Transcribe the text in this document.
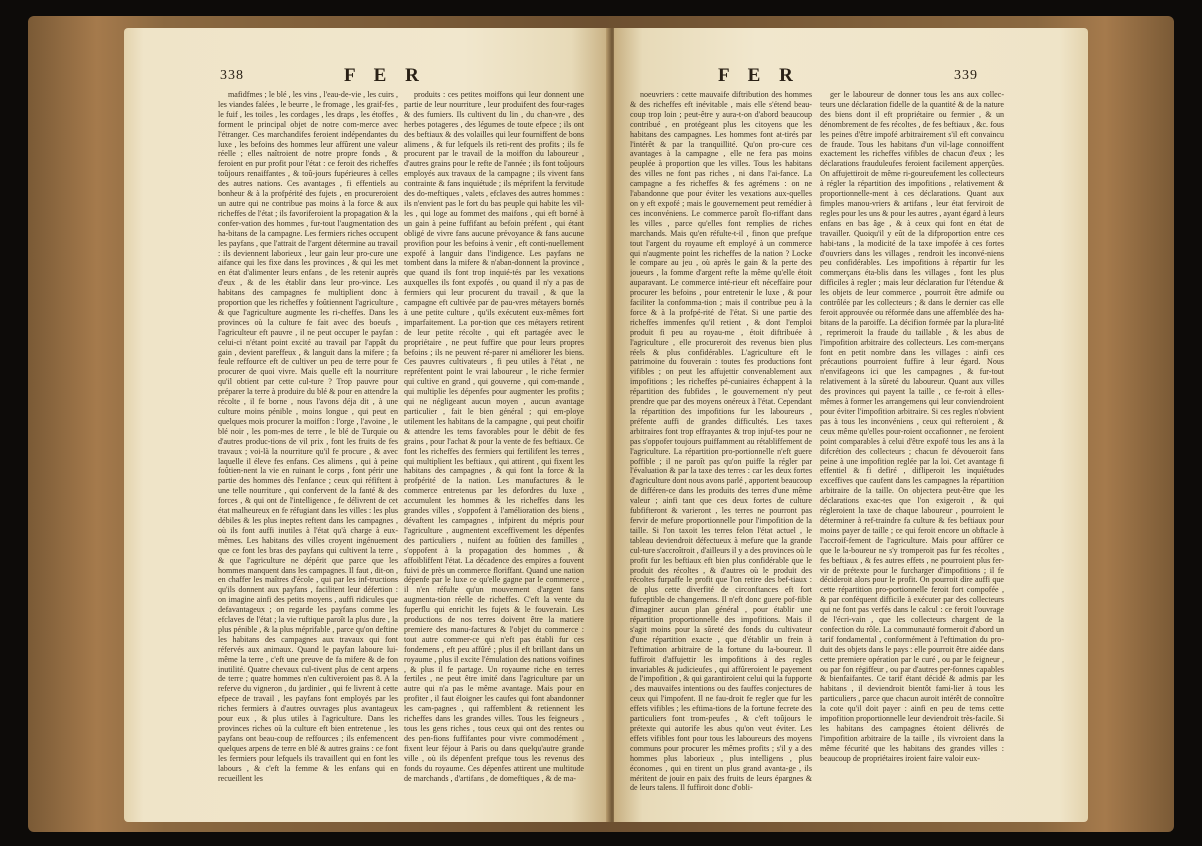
338	F E R

mafidfmes ; le blé , les vins , l'eau-de-vie , les cuirs , les viandes falées , le beurre , le fromage , les graif-fes , le fuif , les toiles , les cordages , les draps , les étoffes , forment le principal objet de notre com-merce avec l'étranger. Ces marchandifes feroient indépendantes du luxe , les befoins des hommes leur affûrent une valeur réelle ; elles naîtroient de notre propre fonds , & feroient en pur profit pour l'état : ce feroit des richeffes toûjours renaiffantes , & toû-jours fupérieures à celles des autres nations. Ces avantages , fi effentiels au bonheur & à la profpérité des fujets , en procureroient un autre qui ne contribue pas moins à la force & aux richeffes de l'état ; ils favoriferoient la propagation & la confer-vation des hommes , fur-tout l'augmentation des ha-bitans de la campagne. Les fermiers riches occupent les payfans , que l'attrait de l'argent détermine au travail : ils deviennent laborieux , leur gain leur pro-cure une aifance qui les fixe dans les provinces , & qui les met en état d'alimenter leurs enfans , de les retenir auprès d'eux , & de les établir dans leur pro-vince. Les habitans des campagnes fe multiplient donc à proportion que les richeffes y foûtiennent l'agriculture , & que l'agriculture augmente les ri-cheffes. Dans les provinces où la culture fe fait avec des boeufs , l'agriculteur eft pauvre , il ne peut occuper le payfan : celui-ci n'étant point excité au travail par l'appât du gain , devient pareffeux , & languit dans la mifere ; fa feule reffource eft de cultiver un peu de terre pour fe procurer de quoi vivre. Mais quelle eft la nourriture qu'il obtient par cette cul-ture ? Trop pauvre pour préparer la terre à produire du blé & pour en attendre la récolte , il fe borne , nous l'avons déja dit , à une culture moins pénible , moins longue , qui peut en quelques mois procurer la moiffon : l'orge , l'avoine , le blé noir , les pom-mes de terre , le blé de Turquie ou d'autres produc-tions de vil prix , font les fruits de fes travaux ; voi-là la nourriture qu'il fe procure , & avec laquelle il éleve fes enfans. Ces alimens , qui à peine foûtien-nent la vie en ruinant le corps , font périr une partie des hommes dès l'enfance ; ceux qui réfiftent à une telle nourriture , qui confervent de la fanté & des forces , & qui ont de l'intelligence , fe délivrent de cet état malheureux en fe réfugiant dans les villes : les plus débiles & les plus ineptes reftent dans les campagnes , où ils font auffi inutiles à l'état qu'à charge à eux-mêmes. Les habitans des villes croyent ingénuement que ce font les bras des payfans qui cultivent la terre , & que l'agriculture ne dépérit que parce que les hommes manquent dans les campagnes. Il faut , dit-on , en chaffer les maîtres d'école , qui par les inf-tructions qu'ils donnent aux payfans , facilitent leur défertion : on imagine ainfi des petits moyens , auffi ridicules que defavantageux ; on regarde les payfans comme les efclaves de l'état ; la vie ruftique paroît la plus dure , la plus pénible , & la plus méprifable , parce qu'on deftine les habitans des campagnes aux travaux qui font réfervés aux animaux. Quand le payfan laboure lui-même la terre , c'eft une preuve de fa mifere & de fon inutilité. Quatre chevaux cul-tivent plus de cent arpens de terre ; quatre hommes n'en cultiveroient pas 8. A la referve du vigneron , du jardinier , qui fe livrent à cette efpece de travail , les payfans font employés par les riches fermiers à d'autres ouvrages plus avantageux pour eux , & plus utiles à l'agriculture. Dans les provinces riches où la culture eft bien entretenue , les payfans ont beau-coup de reffources ; ils enfemencent quelques arpens de terre en blé & autres grains : ce font les fermiers pour lefquels ils travaillent qui en font les labours , & c'eft la femme & les enfans qui en recueillent les

produits : ces petites moiffons qui leur donnent une partie de leur nourriture , leur produifent des four-rages & des fumiers. Ils cultivent du lin , du chan-vre , des herbes potageres , des légumes de toute efpece ; ils ont des beftiaux & des volailles qui leur fourniffent de bons alimens , & fur lefquels ils reti-rent des profits ; ils fe procurent par le travail de la moiffon du laboureur , d'autres grains pour le refte de l'année ; ils font toûjours employés aux travaux de la campagne ; ils vivent fans contrainte & fans inquiétude ; ils méprifent la fervitude des do-meftiques , valets , efclaves des autres hommes : ils n'envient pas le fort du bas peuple qui habite les vil-les , qui loge au fommet des maifons , qui eft borné à un gain à peine fuffifant au befoin préfent , qui étant obligé de vivre fans aucune prévoyance & fans aucune provifion pour les befoins à venir , eft conti-nuellement expofé à languir dans l'indigence. Les payfans ne tombent dans la mifere & n'aban-donnent la province , que quand ils font trop inquié-tés par les vexations auxquelles ils font expofés , ou quand il n'y a pas de fermiers qui leur procurent du travail , & que la campagne eft cultivée par de pau-vres métayers bornés à une petite culture , qu'ils exécutent eux-mêmes fort imparfaitement. La por-tion que ces métayers retirent de leur petite récolte , qui eft partagée avec le propriétaire , ne peut fuffire que pour leurs propres befoins ; ils ne peuvent ré-parer ni améliorer les biens. Ces pauvres cultivateurs , fi peu utiles à l'état , ne repréfentent point le vrai laboureur , le riche fermier qui cultive en grand , qui gouverne , qui com-mande , qui multiplie les dépenfes pour augmenter les profits ; qui ne négligeant aucun moyen , aucun avantage particulier , fait le bien général ; qui em-ploye utilement les habitans de la campagne , qui peut choifir & attendre les tems favorables pour le débit de fes grains , pour l'achat & pour la vente de fes beftiaux. Ce font les richeffes des fermiers qui fertilifent les terres , qui multiplient les beftiaux , qui attirent , qui fixent les habitans des campagnes , & qui font la force & la profpérité de la nation. Les manufactures & le commerce entretenus par les defordres du luxe , accumulent les hommes & les richeffes dans les grandes villes , s'oppofent à l'amélioration des biens , dévaftent les campagnes , infpirent du mépris pour l'agriculture , augmentent exceffivement les dépenfes des particuliers , nuifent au foûtien des familles , s'oppofent à la propagation des hommes , & affoibliffent l'état. La décadence des empires a fouvent fuivi de près un commerce floriffant. Quand une nation dépenfe par le luxe ce qu'elle gagne par le commerce , il n'en réfulte qu'un mouvement d'argent fans augmenta-tion réelle de richeffes. C'eft la vente du fuperflu qui enrichit les fujets & le fouverain. Les productions de nos terres doivent être la matiere premiere des manu-factures & l'objet du commerce : tout autre commer-ce qui n'eft pas établi fur ces fondemens , eft peu affûré ; plus il eft brillant dans un royaume , plus il excite l'émulation des nations voifines , & plus il fe partage. Un royaume riche en terres fertiles , ne peut être imité dans l'agriculture par un autre qui n'a pas le même avantage. Mais pour en profiter , il faut éloigner les caufes qui font abandonner les cam-pagnes , qui raffemblent & retiennent les richeffes dans les grandes villes. Tous les feigneurs , tous les gens riches , tous ceux qui ont des rentes ou des pen-fions fuffifantes pour vivre commodément , fixent leur féjour à Paris ou dans quelqu'autre grande ville , où ils dépenfent prefque tous les revenus des fonds du royaume. Ces dépenfes attirent une multitude de marchands , d'artifans , de domeftiques , & de ma-

F E R	339

noeuvriers : cette mauvaife diftribution des hommes & des richeffes eft inévitable , mais elle s'étend beau-coup trop loin ; peut-être y aura-t-on d'abord beaucoup contribué , en protégeant plus les citoyens que les habitans des campagnes. Les hommes font at-tirés par l'intérêt & par la tranquillité. Qu'on pro-cure ces avantages à la campagne , elle ne fera pas moins peuplée à proportion que les villes. Tous les habitans des villes ne font pas riches , ni dans l'ai-fance. La campagne a fes richeffes & fes agrémens : on ne l'abandonne que pour éviter les vexations aux-quelles on y eft expofé ; mais le gouvernement peut remédier à ces inconvéniens. Le commerce paroît flo-riffant dans les villes , parce qu'elles font remplies de riches marchands. Mais qu'en réfulte-t-il , finon que prefque tout l'argent du royaume eft employé à un commerce qui n'augmente point les richeffes de la nation ? Locke le compare au jeu , où après le gain & la perte des joueurs , la fomme d'argent refte la même qu'elle étoit auparavant. Le commerce inté-rieur eft néceffaire pour procurer les befoins , pour entretenir le luxe , & pour faciliter la confomma-tion ; mais il contribue peu à la force & à la profpé-rité de l'état. Si une partie des richeffes immenfes qu'il retient , & dont l'emploi produit fi peu au royau-me , étoit diftribuée à l'agriculture , elle procureroit des revenus bien plus réels & plus confidérables. L'agriculture eft le patrimoine du fouverain : toutes fes productions font vifibles ; on peut les affujettir convenablement aux impofitions ; les richeffes pé-cuniaires échappent à la répartition des fubfides , le gouvernement n'y peut prendre que par des moyens onéreux à l'état. Cependant la répartition des impofitions fur les laboureurs , préfente auffi de grandes difficultés. Les taxes arbitraires font trop effrayantes & trop injuf-tes pour ne pas s'oppofer toujours puiffamment au rétabliffement de l'agriculture. La répartition pro-portionnelle n'eft guere poffible ; il ne paroît pas qu'on puiffe la régler par l'évaluation & par la taxe des terres : car les deux fortes d'agriculture dont nous avons parlé , apportent beaucoup de différen-ce dans les produits des terres d'une même valeur ; ainfi tant que ces deux fortes de culture fubfifteront & varieront , les terres ne pourront pas fervir de mefure proportionnelle pour l'impofition de la taille. Si l'on taxoit les terres felon l'état actuel , le tableau deviendroit défectueux à mefure que la grande cul-ture s'accroîtroit , d'ailleurs il y a des provinces où le profit fur les beftiaux eft bien plus confidérable que le produit des récoltes , & d'autres où le produit des récoltes furpaffe le profit que l'on retire des bef-tiaux : de plus cette diverfité de circonftances eft fort fufceptible de changemens. Il n'eft donc guere pof-fible d'imaginer aucun plan général , pour établir une répartition proportionnelle des impofitions. Mais il s'agit moins pour la sûreté des fonds du cultivateur d'une répartition exacte , que d'établir un frein à l'eftimation arbitraire de la fortune du la-boureur. Il fuffiroit d'affujettir les impofitions à des regles invariables & judicieufes , qui affûreroient le payement de l'impofition , & qui garantiroient celui qui la fupporte , des mauvaifes intentions ou des fauffes conjectures de ceux qui l'impofent. Il ne fau-droit fe regler que fur les effets vifibles ; les eftima-tions de la fortune fecrete des particuliers font trom-peufes , & c'eft toûjours le prétexte qui autorife les abus qu'on veut éviter. Les effets vifibles font pour tous les laboureurs des moyens communs pour procurer les mêmes profits ; s'il y a des hommes plus laborieux , plus intelligens , plus économes , qui en tirent un plus grand avanta-ge , ils méritent de jouir en paix des fruits de leurs épargnes & de leurs talens. Il fuffiroit donc d'obli-

ger le laboureur de donner tous les ans aux collec-teurs une déclaration fidelle de la quantité & de la nature des biens dont il eft propriétaire ou fermier , & un dénombrement de fes récoltes , de fes beftiaux , &c. fous les peines d'être impofé arbitrairement s'il eft convaincu de fraude. Tous les habitans d'un vil-lage connoiffent exactement les richeffes vifibles de chacun d'eux ; les déclarations frauduleufes feroient facilement apperçûes. On affujettiroit de même ri-goureufement les collecteurs à régler la répartition des impofitions , relativement & proportionnelle-ment à ces déclarations. Quant aux fimples manou-vriers & artifans , leur état ferviroit de regles pour les uns & pour les autres , ayant égard à leurs enfans en bas âge , & à ceux qui font en état de travailler. Quoiqu'il y eût de la difproportion entre ces habi-tans , la modicité de la taxe impofée à ces fortes d'ouvriers dans les villages , rendroit les inconvé-niens peu confidérables. Les impofitions à répartir fur les commerçans éta-blis dans les villages , font les plus difficiles à regler ; mais leur déclaration fur l'étendue & les objets de leur commerce , pourroit être admife ou contrôlée par les collecteurs ; & dans le dernier cas elle feroit approuvée ou réformée dans une affemblée des ha-bitans de la paroiffe. La décifion formée par la plura-lité , reprimeroit la fraude du taillable , & les abus de l'impofition arbitraire des collecteurs. Les com-merçans font en petit nombre dans les villages : ainfi ces précautions pourroient fuffire à leur égard. Nous n'envifageons ici que les campagnes , & fur-tout relativement à la sûreté du laboureur. Quant aux villes des provinces qui payent la taille , ce fe-roit à elles-mêmes à former les arrangemens qui leur conviendroient pour éviter l'impofition arbitraire. Si ces regles n'obvient pas à tous les inconvéniens , ceux qui refteroient , & ceux même qu'elles pour-roient occafionner , ne feroient point comparables à celui d'être expofé tous les ans à la difcrétion des collecteurs ; chacun fe dévoueroit fans peine à une impofition reglée par la loi. Cet avantage fi effentiel & fi defiré , difliperoit les inquiétudes exceffives que caufent dans les campagnes la répartition arbitraire de la taille. On objectera peut-être que les déclarations exac-tes que l'on exigeroit , & qui régleroient la taxe de chaque laboureur , pourroient le déterminer à ref-traindre fa culture & fes beftiaux pour moins payer de taille ; ce qui feroit encore un obftacle à l'accroif-fement de l'agriculture. Mais pour affûrer ce que le la-boureur ne s'y tromperoit pas fur fes récoltes , fes beftiaux , & fes autres effets , ne pourroient plus fer-vir de prétexte pour le furcharger d'impofitions ; il fe décideroit alors pour le profit. On pourroit dire auffi que cette répartition pro-portionnelle feroit fort compofée , & par conféquent difficile à exécuter par des collecteurs qui ne font pas verfés dans le calcul : ce feroit l'ouvrage de l'écri-vain , que les collecteurs chargent de la confection du rôle. La communauté formeroit d'abord un tarif fondamental , conformément à l'eftimation du pro-duit des objets dans le pays : elle pourroit être aidée dans cette premiere opération par le curé , ou par le feigneur , ou par fon régiffeur , ou par d'autres per-fonnes capables & bienfaifantes. Ce tarif étant décidé & admis par les habitans , il deviendroit bientôt fami-lier à tous les particuliers , parce que chacun auroit intérêt de connoître la cote qu'il doit payer : ainfi en peu de tems cette impofition proportionnelle leur deviendroit très-facile. Si les habitans des campagnes étoient délivrés de l'impofition arbitraire de la taille , ils vivroient dans la même fécurité que les habitans des grandes villes : beaucoup de propriétaires iroient faire valoir eux-
